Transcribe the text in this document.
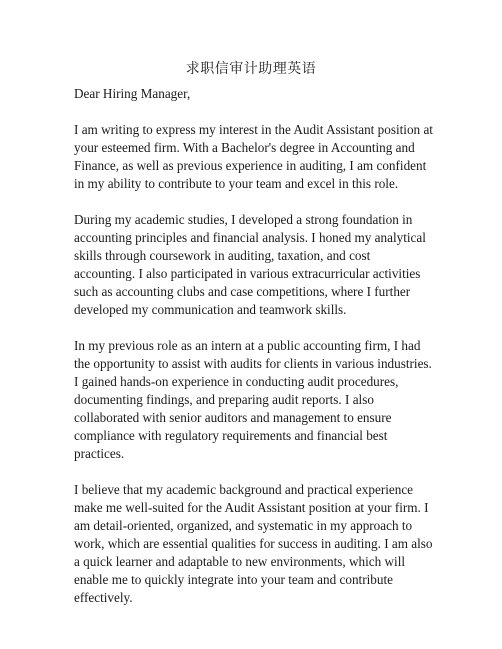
求职信审计助理英语

Dear Hiring Manager,

I am writing to express my interest in the Audit Assistant position at your esteemed firm. With a Bachelor's degree in Accounting and Finance, as well as previous experience in auditing, I am confident in my ability to contribute to your team and excel in this role.

During my academic studies, I developed a strong foundation in accounting principles and financial analysis. I honed my analytical skills through coursework in auditing, taxation, and cost accounting. I also participated in various extracurricular activities such as accounting clubs and case competitions, where I further developed my communication and teamwork skills.

In my previous role as an intern at a public accounting firm, I had the opportunity to assist with audits for clients in various industries. I gained hands-on experience in conducting audit procedures, documenting findings, and preparing audit reports. I also collaborated with senior auditors and management to ensure compliance with regulatory requirements and financial best practices.

I believe that my academic background and practical experience make me well-suited for the Audit Assistant position at your firm. I am detail-oriented, organized, and systematic in my approach to work, which are essential qualities for success in auditing. I am also a quick learner and adaptable to new environments, which will enable me to quickly integrate into your team and contribute effectively.
